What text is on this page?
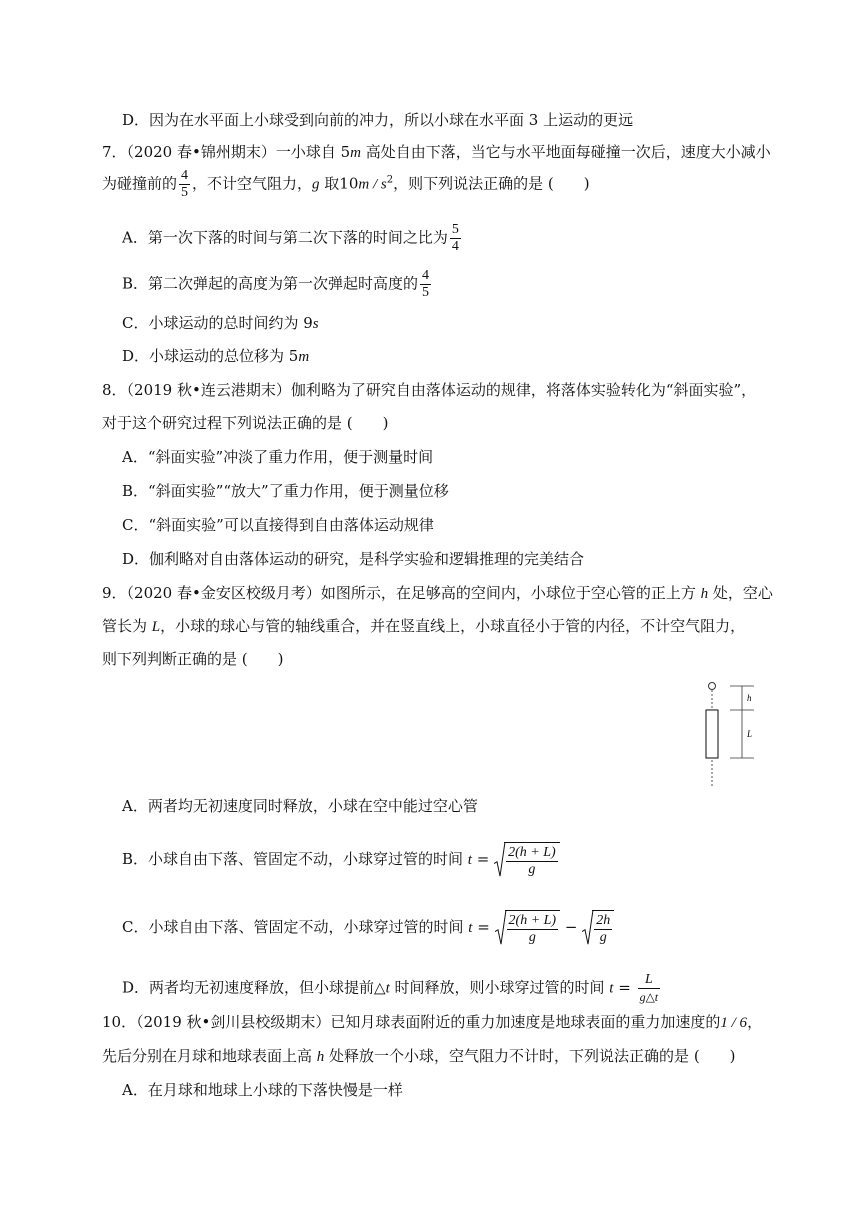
D．因为在水平面上小球受到向前的冲力，所以小球在水平面 3 上运动的更远
7．（2020 春•锦州期末）一小球自 5m 高处自由下落，当它与水平地面每碰撞一次后，速度大小减小
为碰撞前的 $\frac{4}{5}$ ，不计空气阻力，g 取$10m / s^2$，则下列说法正确的是 (　　)
A．第一次下落的时间与第二次下落的时间之比为 $\frac{5}{4}$
B．第二次弹起的高度为第一次弹起时高度的 $\frac{4}{5}$
C．小球运动的总时间约为 9s
D．小球运动的总位移为 5m
8．（2019 秋•连云港期末）伽利略为了研究自由落体运动的规律，将落体实验转化为“斜面实验”，
对于这个研究过程下列说法正确的是 (　　)
A．“斜面实验”冲淡了重力作用，便于测量时间
B．“斜面实验”“放大”了重力作用，便于测量位移
C．“斜面实验”可以直接得到自由落体运动规律
D．伽利略对自由落体运动的研究，是科学实验和逻辑推理的完美结合
9．（2020 春•金安区校级月考）如图所示，在足够高的空间内，小球位于空心管的正上方 h 处，空心
管长为 L，小球的球心与管的轴线重合，并在竖直线上，小球直径小于管的内径，不计空气阻力，
则下列判断正确的是 (　　)
h
L
A．两者均无初速度同时释放，小球在空中能过空心管
B．小球自由下落、管固定不动，小球穿过管的时间 $t = \frac{2(h + L)}{g}$
C．小球自由下落、管固定不动，小球穿过管的时间 $t = \frac{2(h + L)}{g} - \frac{2h}{g}$
D．两者均无初速度释放，但小球提前△t 时间释放，则小球穿过管的时间 $t = \frac{L}{g\triangle t}$
10．（2019 秋•剑川县校级期末）已知月球表面附近的重力加速度是地球表面的重力加速度的1 / 6，
先后分别在月球和地球表面上高 h 处释放一个小球，空气阻力不计时，下列说法正确的是 (　　)
A．在月球和地球上小球的下落快慢是一样
